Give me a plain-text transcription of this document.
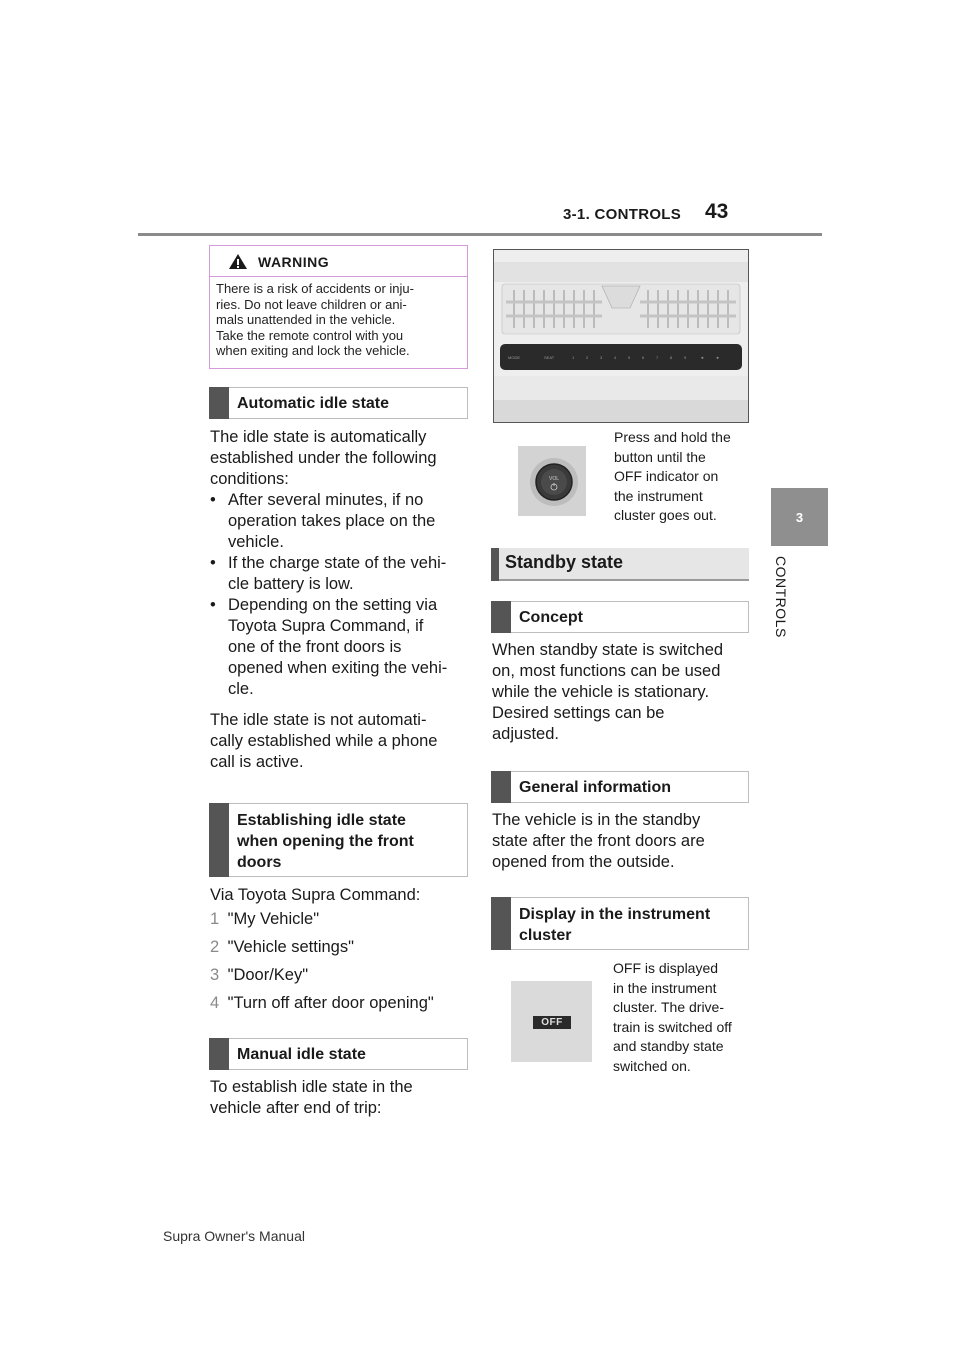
3-1. CONTROLS 43
3
CONTROLS
WARNING
There is a risk of accidents or inju-
ries. Do not leave children or ani-
mals unattended in the vehicle.
Take the remote control with you
when exiting and lock the vehicle.
Automatic idle state
The idle state is automatically
established under the following
conditions:
• After several minutes, if no
operation takes place on the
vehicle.
• If the charge state of the vehi-
cle battery is low.
• Depending on the setting via
Toyota Supra Command, if
one of the front doors is
opened when exiting the vehi-
cle.
The idle state is not automati-
cally established while a phone
call is active.
Establishing idle state
when opening the front
doors
Via Toyota Supra Command:
1 "My Vehicle"
2 "Vehicle settings"
3 "Door/Key"
4 "Turn off after door opening"
Manual idle state
To establish idle state in the
vehicle after end of trip:
MODE	SEAT	1	2	3	4	5	6	7	8	9	◄	►
VOL
Press and hold the
button until the
OFF indicator on
the instrument
cluster goes out.
Standby state
Concept
When standby state is switched
on, most functions can be used
while the vehicle is stationary.
Desired settings can be
adjusted.
General information
The vehicle is in the standby
state after the front doors are
opened from the outside.
Display in the instrument
cluster
OFF
OFF is displayed
in the instrument
cluster. The drive-
train is switched off
and standby state
switched on.
Supra Owner's Manual
